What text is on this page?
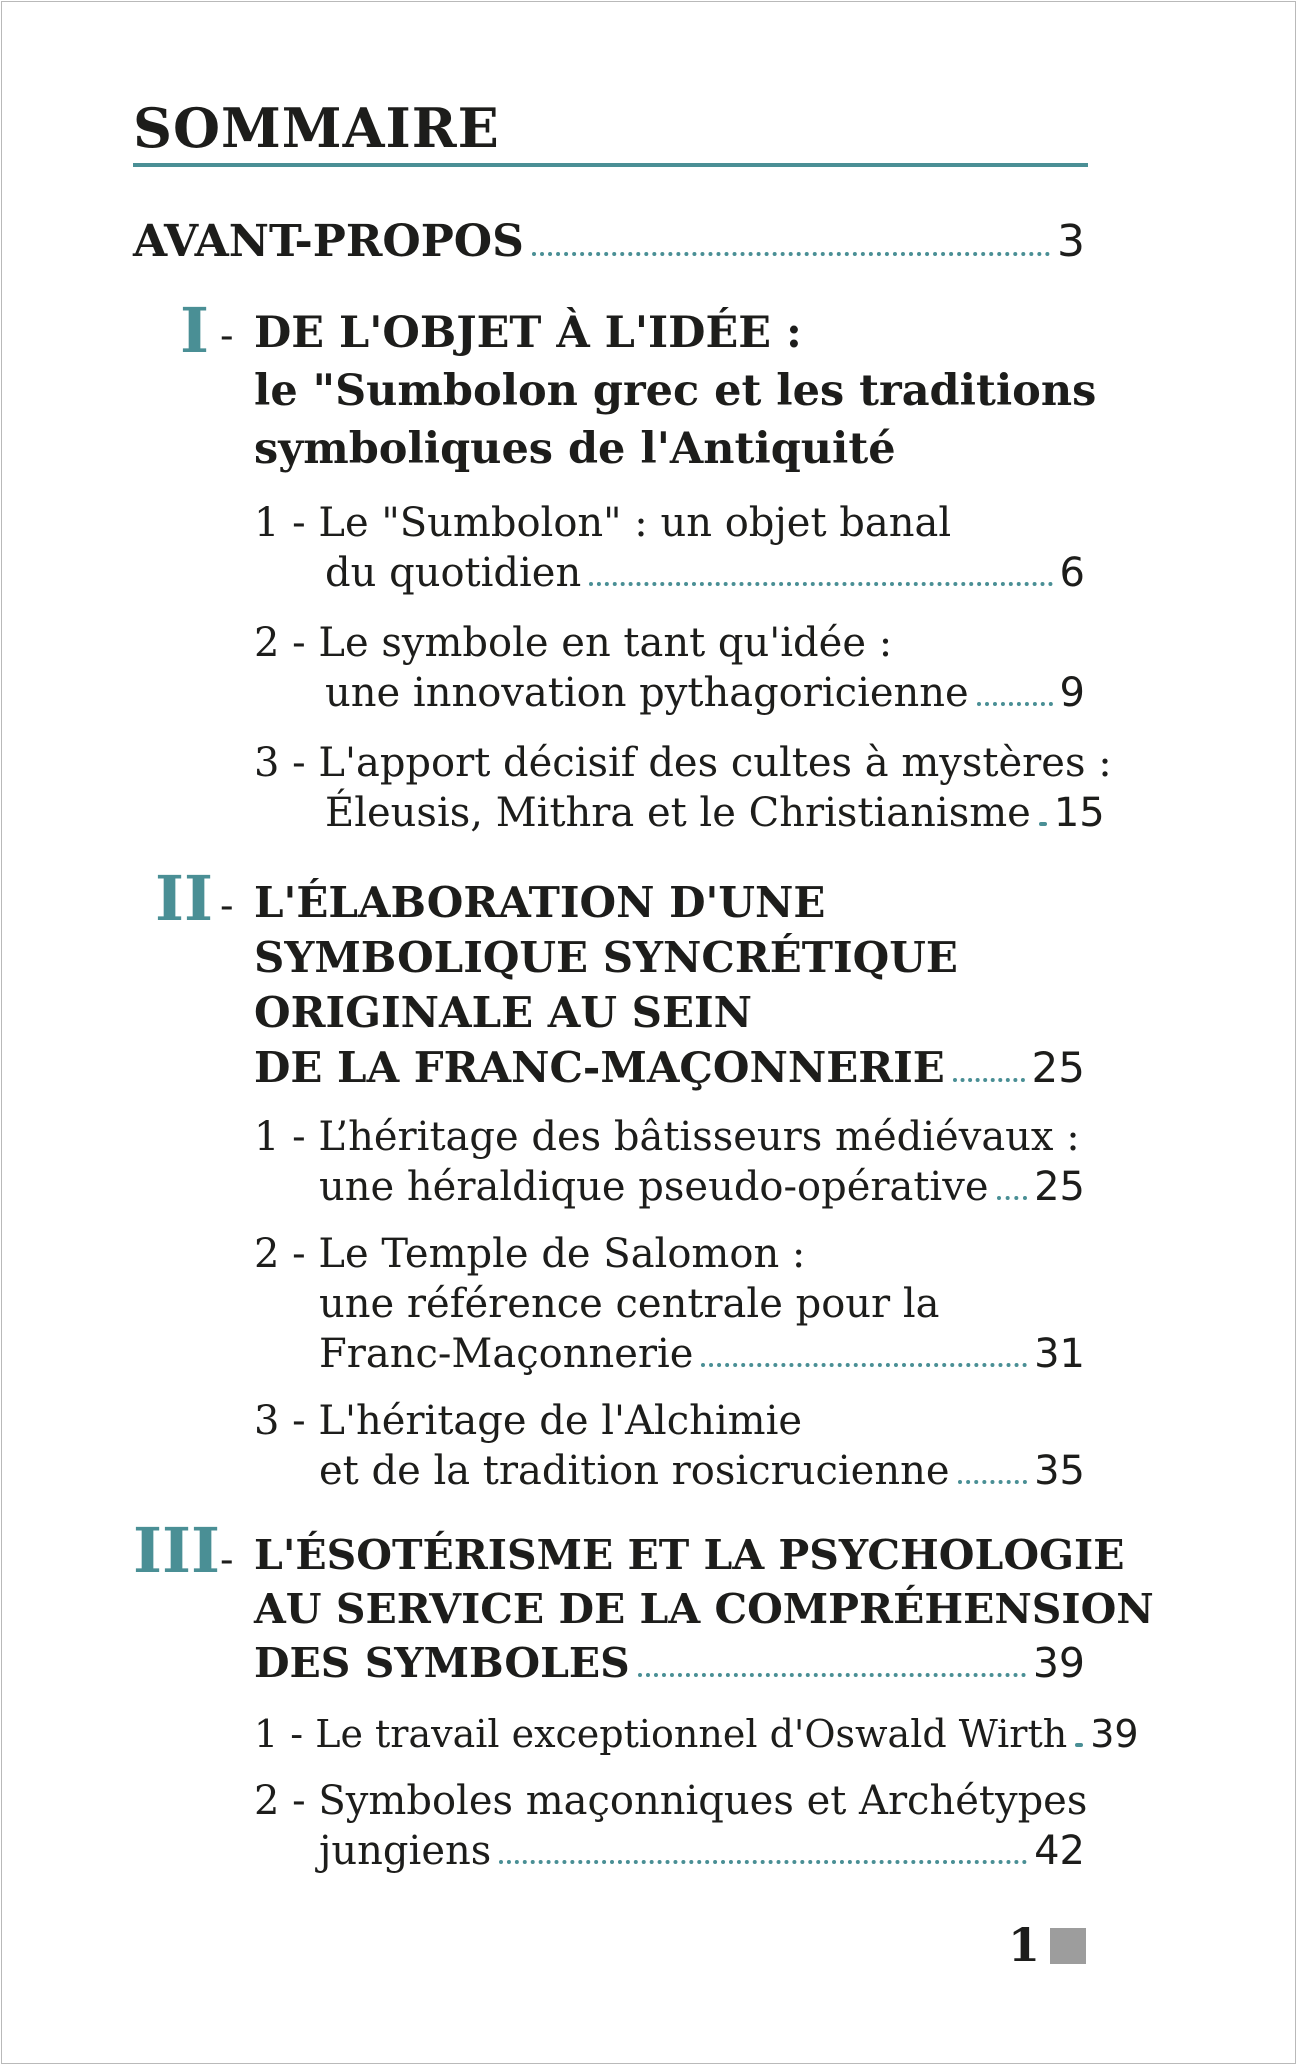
SOMMAIRE
AVANT-PROPOS	3
I - DE L'OBJET À L'IDÉE :
le "Sumbolon grec et les traditions
symboliques de l'Antiquité
1 -
Le "Sumbolon" : un objet banal
du quotidien	6
2 -
Le symbole en tant qu'idée :
une innovation pythagoricienne 9
3 -
L'apport décisif des cultes à mystères :
Éleusis, Mithra et le Christianisme 15
II - L'ÉLABORATION D'UNE
SYMBOLIQUE SYNCRÉTIQUE
ORIGINALE AU SEIN
DE LA FRANC-MAÇONNERIE 25
1 -
L’héritage des bâtisseurs médiévaux :
une héraldique pseudo-opérative 25
2 -
Le Temple de Salomon :
une référence centrale pour la
Franc-Maçonnerie	31
3 -
L'héritage de l'Alchimie
et de la tradition rosicrucienne 35
III - L'ÉSOTÉRISME ET LA PSYCHOLOGIE
AU SERVICE DE LA COMPRÉHENSION
DES SYMBOLES	39
1 -
Le travail exceptionnel d'Oswald Wirth 39
2 -
Symboles maçonniques et Archétypes
jungiens	42
1
